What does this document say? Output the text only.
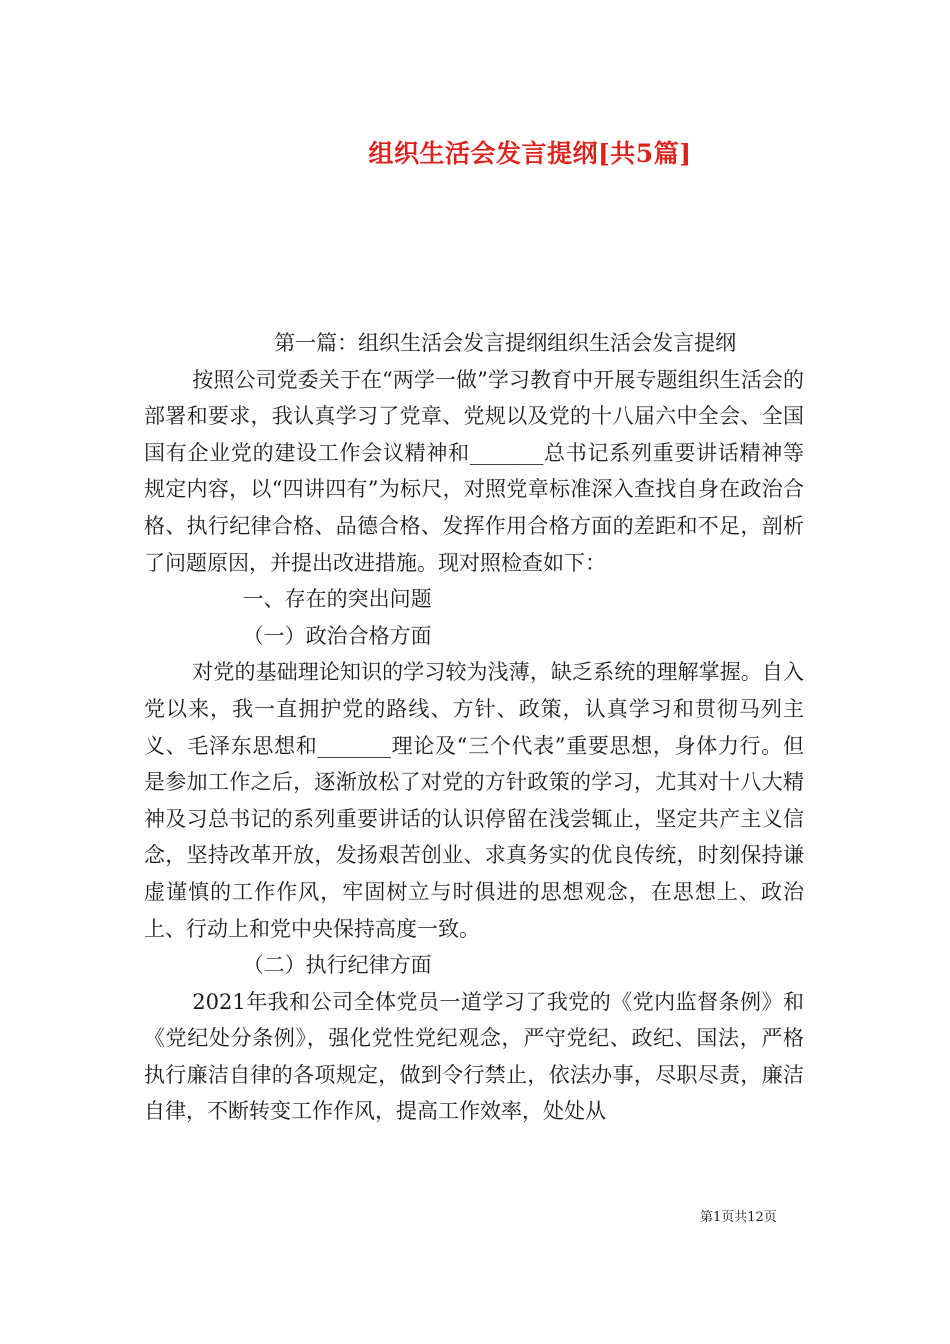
组织生活会发言提纲[共5篇]

第一篇：组织生活会发言提纲组织生活会发言提纲

按照公司党委关于在“两学一做”学习教育中开展专题组织生活会的部署和要求，我认真学习了党章、党规以及党的十八届六中全会、全国国有企业党的建设工作会议精神和_______总书记系列重要讲话精神等规定内容，以“四讲四有”为标尺，对照党章标准深入查找自身在政治合格、执行纪律合格、品德合格、发挥作用合格方面的差距和不足，剖析了问题原因，并提出改进措施。现对照检查如下：

一、存在的突出问题

（一）政治合格方面

对党的基础理论知识的学习较为浅薄，缺乏系统的理解掌握。自入党以来，我一直拥护党的路线、方针、政策，认真学习和贯彻马列主义、毛泽东思想和_______理论及“三个代表”重要思想，身体力行。但是参加工作之后，逐渐放松了对党的方针政策的学习，尤其对十八大精神及习总书记的系列重要讲话的认识停留在浅尝辄止，坚定共产主义信念，坚持改革开放，发扬艰苦创业、求真务实的优良传统，时刻保持谦虚谨慎的工作作风，牢固树立与时俱进的思想观念，在思想上、政治上、行动上和党中央保持高度一致。

（二）执行纪律方面

2021年我和公司全体党员一道学习了我党的《党内监督条例》和《党纪处分条例》，强化党性党纪观念，严守党纪、政纪、国法，严格执行廉洁自律的各项规定，做到令行禁止，依法办事，尽职尽责，廉洁自律，不断转变工作作风，提高工作效率，处处从

第1页共12页
